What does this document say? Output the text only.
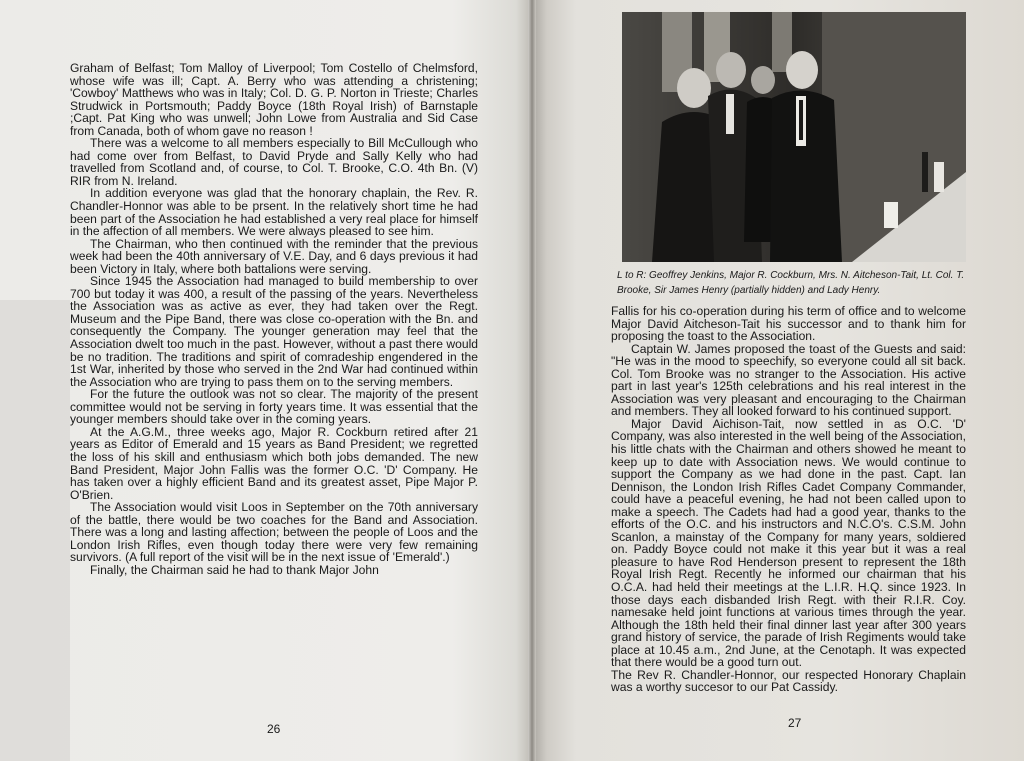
Graham of Belfast; Tom Malloy of Liverpool; Tom Costello of Chelmsford, whose wife was ill; Capt. A. Berry who was attending a christening; 'Cowboy' Matthews who was in Italy; Col. D. G. P. Norton in Trieste; Charles Strudwick in Portsmouth; Paddy Boyce (18th Royal Irish) of Barnstaple ;Capt. Pat King who was unwell; John Lowe from Australia and Sid Case from Canada, both of whom gave no reason !

There was a welcome to all members especially to Bill McCullough who had come over from Belfast, to David Pryde and Sally Kelly who had travelled from Scotland and, of course, to Col. T. Brooke, C.O. 4th Bn. (V) RIR from N. Ireland.

In addition everyone was glad that the honorary chaplain, the Rev. R. Chandler-Honnor was able to be prsent. In the relatively short time he had been part of the Association he had established a very real place for himself in the affection of all members. We were always pleased to see him.

The Chairman, who then continued with the reminder that the previous week had been the 40th anniversary of V.E. Day, and 6 days previous it had been Victory in Italy, where both battalions were serving.

Since 1945 the Association had managed to build membership to over 700 but today it was 400, a result of the passing of the years. Nevertheless the Association was as active as ever, they had taken over the Regt. Museum and the Pipe Band, there was close co-operation with the Bn. and consequently the Company. The younger generation may feel that the Association dwelt too much in the past. However, without a past there would be no tradition. The traditions and spirit of comradeship engendered in the 1st War, inherited by those who served in the 2nd War had continued within the Association who are trying to pass them on to the serving members.

For the future the outlook was not so clear. The majority of the present committee would not be serving in forty years time. It was essential that the younger members should take over in the coming years.

At the A.G.M., three weeks ago, Major R. Cockburn retired after 21 years as Editor of Emerald and 15 years as Band President; we regretted the loss of his skill and enthusiasm which both jobs demanded. The new Band President, Major John Fallis was the former O.C. 'D' Company. He has taken over a highly efficient Band and its greatest asset, Pipe Major P. O'Brien.

The Association would visit Loos in September on the 70th anniversary of the battle, there would be two coaches for the Band and Association. There was a long and lasting affection; between the people of Loos and the London Irish Rifles, even though today there were very few remaining survivors. (A full report of the visit will be in the next issue of 'Emerald'.)

Finally, the Chairman said he had to thank Major John

26
L to R: Geoffrey Jenkins, Major R. Cockburn, Mrs. N. Aitcheson-Tait, Lt. Col. T. Brooke, Sir James Henry (partially hidden) and Lady Henry.

Fallis for his co-operation during his term of office and to welcome Major David Aitcheson-Tait his successor and to thank him for proposing the toast to the Association.

Captain W. James proposed the toast of the Guests and said: "He was in the mood to speechify, so everyone could all sit back. Col. Tom Brooke was no stranger to the Association. His active part in last year's 125th celebrations and his real interest in the Association was very pleasant and encouraging to the Chairman and members. They all looked forward to his continued support.

Major David Aichison-Tait, now settled in as O.C. 'D' Company, was also interested in the well being of the Association, his little chats with the Chairman and others showed he meant to keep up to date with Association news. We would continue to support the Company as we had done in the past. Capt. Ian Dennison, the London Irish Rifles Cadet Company Commander, could have a peaceful evening, he had not been called upon to make a speech. The Cadets had had a good year, thanks to the efforts of the O.C. and his instructors and N.C.O's. C.S.M. John Scanlon, a mainstay of the Company for many years, soldiered on. Paddy Boyce could not make it this year but it was a real pleasure to have Rod Henderson present to represent the 18th Royal Irish Regt. Recently he informed our chairman that his O.C.A. had held their meetings at the L.I.R. H.Q. since 1923. In those days each disbanded Irish Regt. with their R.I.R. Coy. namesake held joint functions at various times through the year. Although the 18th held their final dinner last year after 300 years grand history of service, the parade of Irish Regiments would take place at 10.45 a.m., 2nd June, at the Cenotaph. It was expected that there would be a good turn out.

The Rev R. Chandler-Honnor, our respected Honorary Chaplain was a worthy succesor to our Pat Cassidy.

27
